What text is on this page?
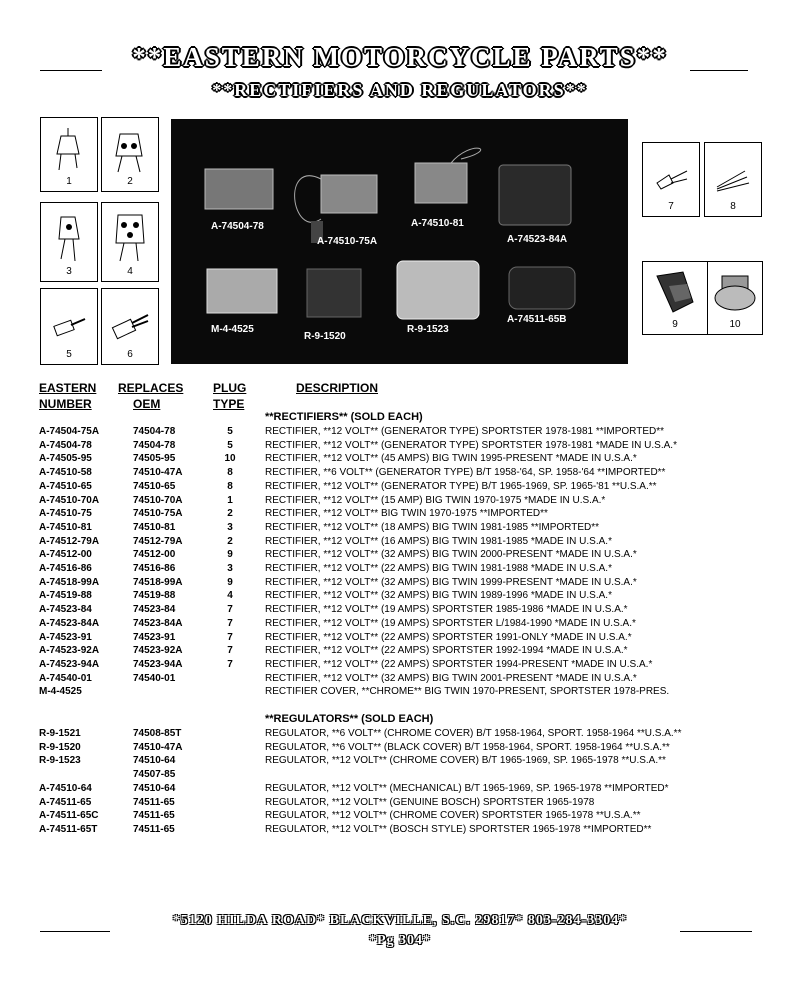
**EASTERN MOTORCYCLE PARTS**
**RECTIFIERS AND REGULATORS**
1	2
3	4
5	6
A-74504-78
A-74510-75A
A-74510-81
A-74523-84A
M-4-4525
R-9-1520
R-9-1523
A-74511-65B
7	8
9	10
EASTERN
NUMBER
REPLACES
OEM
PLUG
TYPE
DESCRIPTION
**RECTIFIERS** (SOLD EACH)
A-74504-75A	74504-78	5	RECTIFIER, **12 VOLT** (GENERATOR TYPE) SPORTSTER 1978-1981 **IMPORTED**
A-74504-78	74504-78	5	RECTIFIER, **12 VOLT** (GENERATOR TYPE) SPORTSTER 1978-1981 *MADE IN U.S.A.*
A-74505-95	74505-95	10	RECTIFIER, **12 VOLT** (45 AMPS) BIG TWIN 1995-PRESENT *MADE IN U.S.A.*
A-74510-58	74510-47A	8	RECTIFIER, **6 VOLT** (GENERATOR TYPE) B/T 1958-'64, SP. 1958-'64 **IMPORTED**
A-74510-65	74510-65	8	RECTIFIER, **12 VOLT** (GENERATOR TYPE) B/T 1965-1969, SP. 1965-'81 **U.S.A.**
A-74510-70A	74510-70A	1	RECTIFIER, **12 VOLT** (15 AMP) BIG TWIN 1970-1975 *MADE IN U.S.A.*
A-74510-75	74510-75A	2	RECTIFIER, **12 VOLT** BIG TWIN 1970-1975 **IMPORTED**
A-74510-81	74510-81	3	RECTIFIER, **12 VOLT** (18 AMPS) BIG TWIN 1981-1985 **IMPORTED**
A-74512-79A	74512-79A	2	RECTIFIER, **12 VOLT** (16 AMPS) BIG TWIN 1981-1985 *MADE IN U.S.A.*
A-74512-00	74512-00	9	RECTIFIER, **12 VOLT** (32 AMPS) BIG TWIN 2000-PRESENT *MADE IN U.S.A.*
A-74516-86	74516-86	3	RECTIFIER, **12 VOLT** (22 AMPS) BIG TWIN 1981-1988 *MADE IN U.S.A.*
A-74518-99A	74518-99A	9	RECTIFIER, **12 VOLT** (32 AMPS) BIG TWIN 1999-PRESENT *MADE IN U.S.A.*
A-74519-88	74519-88	4	RECTIFIER, **12 VOLT** (32 AMPS) BIG TWIN 1989-1996 *MADE IN U.S.A.*
A-74523-84	74523-84	7	RECTIFIER, **12 VOLT** (19 AMPS) SPORTSTER 1985-1986 *MADE IN U.S.A.*
A-74523-84A	74523-84A	7	RECTIFIER, **12 VOLT** (19 AMPS) SPORTSTER L/1984-1990 *MADE IN U.S.A.*
A-74523-91	74523-91	7	RECTIFIER, **12 VOLT** (22 AMPS) SPORTSTER 1991-ONLY *MADE IN U.S.A.*
A-74523-92A	74523-92A	7	RECTIFIER, **12 VOLT** (22 AMPS) SPORTSTER 1992-1994 *MADE IN U.S.A.*
A-74523-94A	74523-94A	7	RECTIFIER, **12 VOLT** (22 AMPS) SPORTSTER 1994-PRESENT *MADE IN U.S.A.*
A-74540-01	74540-01	RECTIFIER, **12 VOLT** (32 AMPS) BIG TWIN 2001-PRESENT *MADE IN U.S.A.*
M-4-4525	RECTIFIER COVER, **CHROME** BIG TWIN 1970-PRESENT, SPORTSTER 1978-PRES.
**REGULATORS** (SOLD EACH)
R-9-1521	74508-85T	REGULATOR, **6 VOLT** (CHROME COVER) B/T 1958-1964, SPORT. 1958-1964 **U.S.A.**
R-9-1520	74510-47A	REGULATOR, **6 VOLT** (BLACK COVER) B/T 1958-1964, SPORT. 1958-1964 **U.S.A.**
R-9-1523	74510-64	REGULATOR, **12 VOLT** (CHROME COVER) B/T 1965-1969, SP. 1965-1978 **U.S.A.**
74507-85
A-74510-64	74510-64	REGULATOR, **12 VOLT** (MECHANICAL) B/T 1965-1969, SP. 1965-1978 **IMPORTED*
A-74511-65	74511-65	REGULATOR, **12 VOLT** (GENUINE BOSCH) SPORTSTER 1965-1978
A-74511-65C	74511-65	REGULATOR, **12 VOLT** (CHROME COVER) SPORTSTER 1965-1978 **U.S.A.**
A-74511-65T	74511-65	REGULATOR, **12 VOLT** (BOSCH STYLE) SPORTSTER 1965-1978 **IMPORTED**
*5120 HILDA ROAD* BLACKVILLE, S.C. 29817* 803-284-3304*
*Pg 304*
